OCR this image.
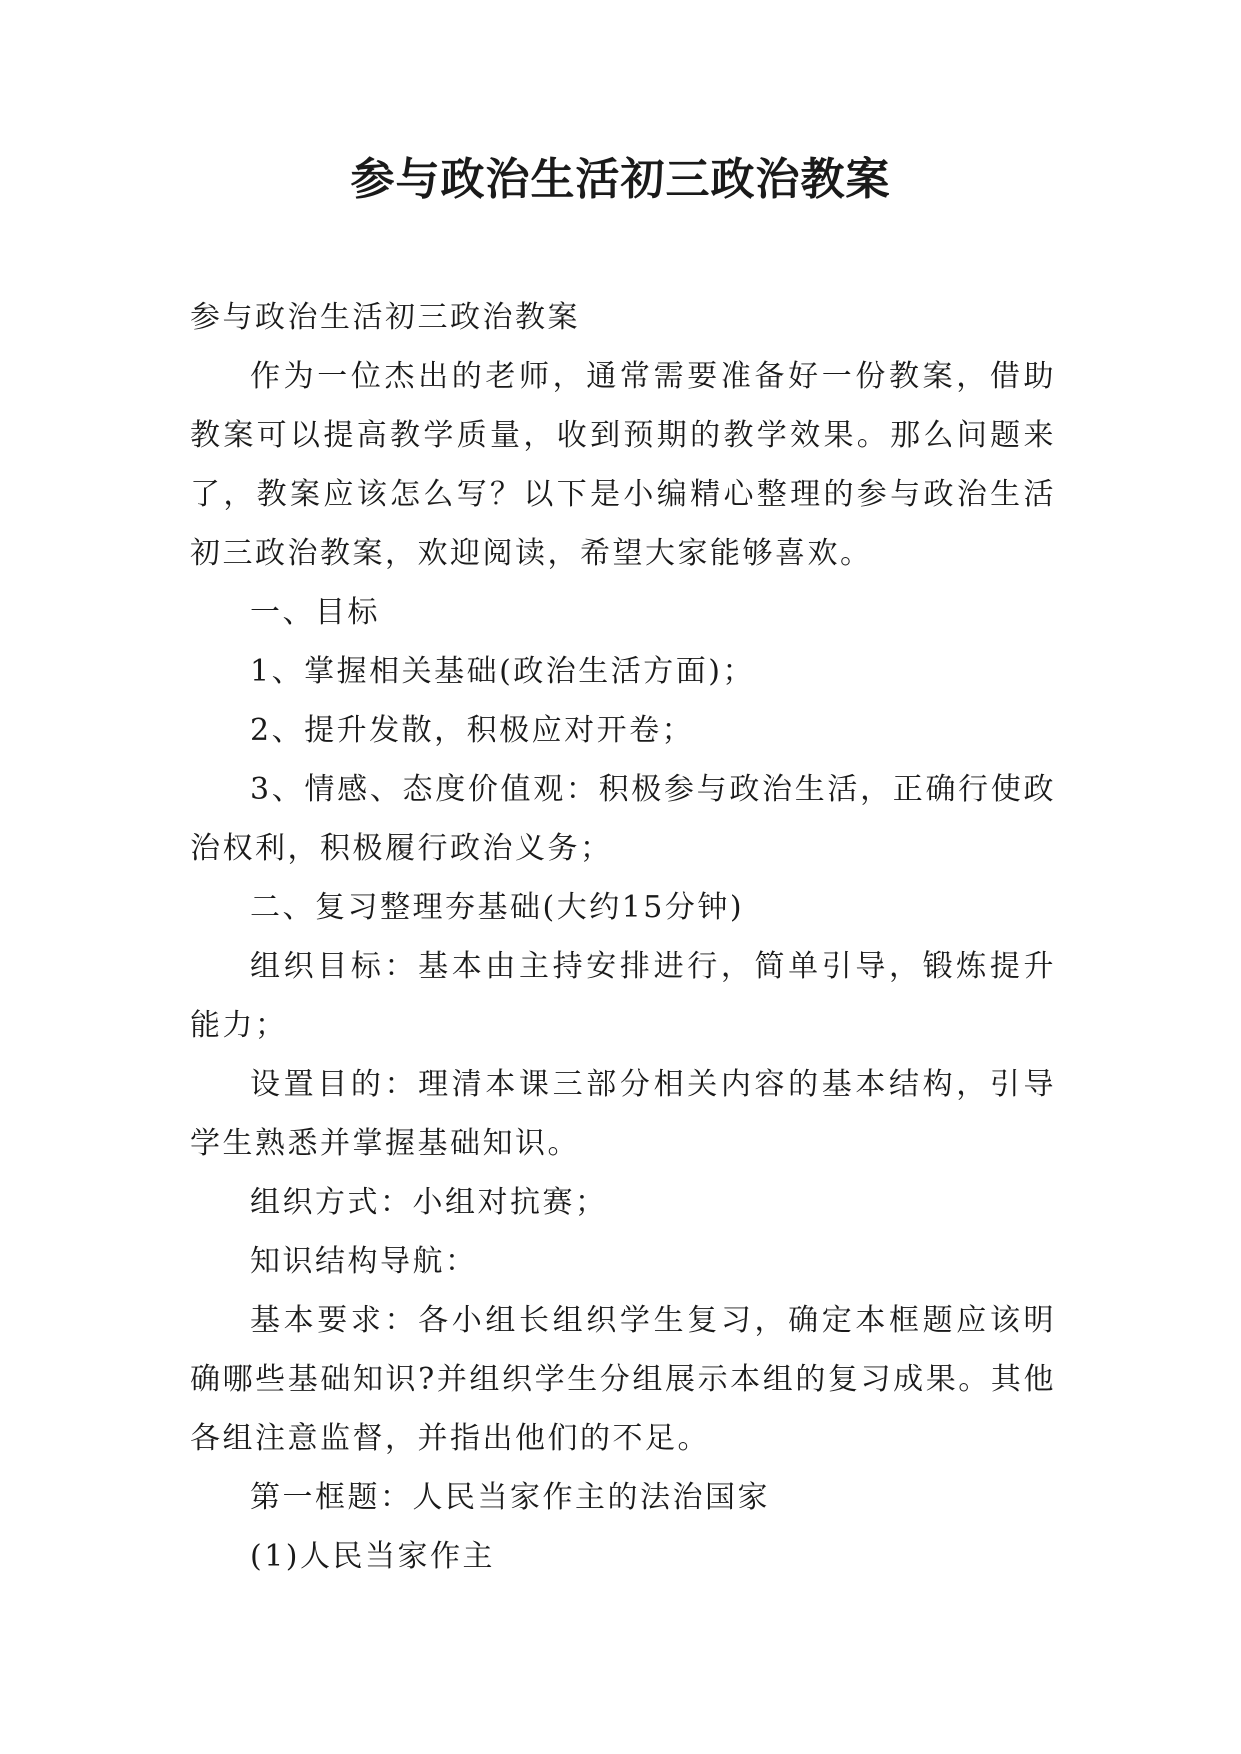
参与政治生活初三政治教案

参与政治生活初三政治教案

作为一位杰出的老师，通常需要准备好一份教案，借助教案可以提高教学质量，收到预期的教学效果。那么问题来了，教案应该怎么写？以下是小编精心整理的参与政治生活初三政治教案，欢迎阅读，希望大家能够喜欢。

一、目标

1、掌握相关基础(政治生活方面)；

2、提升发散，积极应对开卷；

3、情感、态度价值观：积极参与政治生活，正确行使政治权利，积极履行政治义务；

二、复习整理夯基础(大约15分钟)

组织目标：基本由主持安排进行，简单引导，锻炼提升能力；

设置目的：理清本课三部分相关内容的基本结构，引导学生熟悉并掌握基础知识。

组织方式：小组对抗赛；

知识结构导航：

基本要求：各小组长组织学生复习，确定本框题应该明确哪些基础知识?并组织学生分组展示本组的复习成果。其他各组注意监督，并指出他们的不足。

第一框题：人民当家作主的法治国家

(1)人民当家作主
